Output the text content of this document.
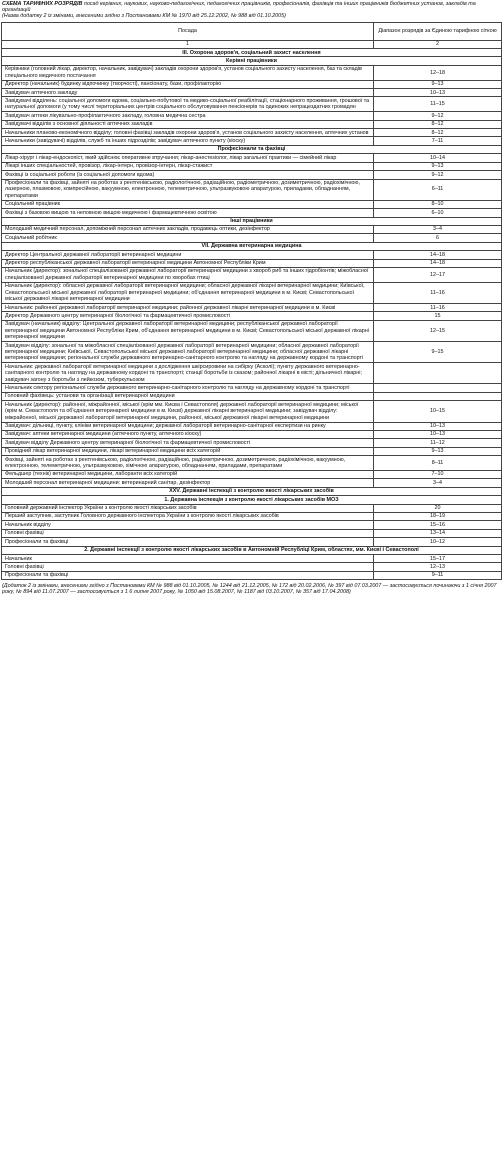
СХЕМА ТАРИФНИХ РОЗРЯДІВ посад керівних, наукових, науково-педагогічних, педагогічних працівників, професіоналів, фахівців та інших працівників бюджетних установ, закладів та організацій
(Назва додатку 2 із змінами, внесеними згідно з Постановами КМ № 1970 від 25.12.2002, № 988 від 01.10.2005)
Посада	Діапазон розрядів за Єдиною тарифною сіткою
1	2
III. Охорона здоров'я, соціальний захист населення	
Керівні працівники	
Керівники (головний лікар, директор, начальник, завідувач) закладів охорони здоров'я, установ соціального захисту населення, баз та складів спеціального медичного постачання	12–18
Директор (начальник) будинку відпочинку (творчості), пансіонату, бази, профілакторію	9–13
Завідувач аптечного закладу	10–13
Завідувачі відділень: соціальної допомоги вдома, соціально-побутової та медико-соціальної реабілітації, стаціонарного проживання, грошової та натуральної допомоги (у тому числі територіальних центрів соціального обслуговування пенсіонерів та одиноких непрацездатних громадян	11–15
Завідувач аптеки лікувально-профілактичного закладу, головна медична сестра	9–12
Завідувачі відділів з основної діяльності аптечних закладів	8–12
Начальники планово-економічного відділу; головні фахівці закладів охорони здоров'я, установ соціального захисту населення, аптечних установ	8–12
Начальники (завідувачі) відділів, служб та інших підрозділів; завідувач аптечного пункту (кіоску)	7–11
Професіонали та фахівці	
Лікар-хірург і лікар-ендоскопіст, який здійснює оперативне втручання; лікар-анестезіолог, лікар загальної практики — сімейний лікар	10–14
Лікарі інших спеціальностей, провізор, лікар-інтерн, провізор-інтерн, лікар-стажист	9–13
Фахівці із соціальної роботи (із соціальної допомоги вдома)	9–12
Професіонали та фахівці, зайняті на роботах з рентгенівською, радіологічною, радіаційною, радіометричною, дозиметричною, радіохімічною, лазерною, плазмовою, компресійною, вакуумною, електронною, телеметричною, ультразвуковою апаратурою, приладами, обладнанням, препаратами	6–11
Соціальний працівник	8–10
Фахівці з базовою вищою та неповною вищою медичною і фармацевтичною освітою	6–10
Інші працівники	
Молодший медичний персонал, допоміжний персонал аптечних закладів, продавець оптики, дезінфектор	3–4
Соціальний робітник	6
VII. Державна ветеринарна медицина	
Директор Центральної державної лабораторії ветеринарної медицини	14–18
Директор республіканської державної лабораторії ветеринарної медицини Автономної Республіки Крим	14–18
Начальник (директор): зональної спеціалізованої державної лабораторії ветеринарної медицини з хвороб риб та інших гідробіонтів; міжобласної спеціалізованої державної лабораторії ветеринарної медицини по хворобах птиці	12–17
Начальник (директор): обласної державної лабораторії ветеринарної медицини; обласної державної лікарні ветеринарної медицини; Київської, Севастопольської міської державної лабораторії ветеринарної медицини; об'єднання ветеринарної медицини в м. Києві; Севастопольської міської державної лікарні ветеринарної медицини	11–16
Начальник: районної державної лабораторії ветеринарної медицини; районної державної лікарні ветеринарної медицини в м. Києві	11–16
Директор Державного центру ветеринарної біологічної та фармацевтичної промисловості	15
Завідувач (начальник) відділу: Центральної державної лабораторії ветеринарної медицини; республіканської державної лабораторії ветеринарної медицини Автономної Республіки Крим, об'єднання ветеринарної медицини в м. Києві; Севастопольської міської державної лікарні ветеринарної медицини	12–15
Завідувач відділу: зональної та міжобласної спеціалізованої державної лабораторії ветеринарної медицини; обласної державної лабораторії ветеринарної медицини; Київської, Севастопольської міської державної лабораторії ветеринарної медицини; обласної державної лікарні ветеринарної медицини; регіональної служби державного ветеринарно-санітарного контролю та нагляду на державному кордоні та транспорті	9–15
Начальник: державної лабораторії ветеринарної медицини з дослідження шкірсировини на сибірку (Асколі); пункту державного ветеринарно-санітарного контролю та нагляду на державному кордоні та транспорті; станції боротьби із сказом; районної лікарні в місті; дільничної лікарні; завідувач загону з боротьби з лейкозом, туберкульозом	
Начальник сектору регіональної служби державного ветеринарно-санітарного контролю та нагляду на державному кордоні та транспорті	
Головний фахівець: установи та організації ветеринарної медицини	
Начальник (директор): районної, міжрайонної, міської (крім мм. Києва і Севастополя) державної лабораторії ветеринарної медицини; міської (крім м. Севастополя та об'єднання ветеринарної медицини в м. Києві) державної лікарні ветеринарної медицини; завідувач відділу: міжрайонної, міської державної лабораторії ветеринарної медицини, районної, міської державної лікарні ветеринарної медицини	10–15
Завідувач: дільниці, пункту, клініки ветеринарної медицини; державної лабораторії ветеринарно-санітарної експертизи на ринку	10–13
Завідувач: аптеки ветеринарної медицини (аптечного пункту, аптечного кіоску)	10–13
Завідувач відділу Державного центру ветеринарної біологічної та фармацевтичної промисловості	11–12
Провідний лікар ветеринарної медицини, лікарі ветеринарної медицини всіх категорій	9–13
Фахівці, зайняті на роботах з рентгенівською, радіологічною, радіаційною, радіометричною, дозиметричною, радіохімічною, вакуумною, електронною, телеметричною, ультразвуковою, хімічною апаратурою, обладнанням, приладами, препаратами	8–11
Фельдшер (технік) ветеринарної медицини, лаборанти всіх категорій	7–10
Молодший персонал ветеринарної медицини: ветеринарний санітар, дезінфектор	3–4
XXV. Державні інспекції з контролю якості лікарських засобів	
1. Державна інспекція з контролю якості лікарських засобів МОЗ	
Головний державний інспектор України з контролю якості лікарських засобів	20
Перший заступник, заступник Головного державного інспектора України з контролю якості лікарських засобів	18–19
Начальник відділу	15–16
Головні фахівці	13–14
Професіонали та фахівці	10–12
2. Державні інспекції з контролю якості лікарських засобів в Автономній Республіці Крим, областях, мм. Києві і Севастополі	
Начальник	15–17
Головні фахівці	12–13
Професіонали та фахівці	9–11
(Додаток 2 із змінами, внесеними згідно з Постановами КМ № 988 від 01.10.2005, № 1244 від 21.12.2005, № 172 від 20.02.2006, № 397 від 07.03.2007 — застосовується починаючи з 1 січня 2007 року, № 894 від 11.07.2007 — застосовується з 1 6 липня 2007 року, № 1050 від 15.08.2007, № 1187 від 03.10.2007, № 357 від 17.04.2008)
